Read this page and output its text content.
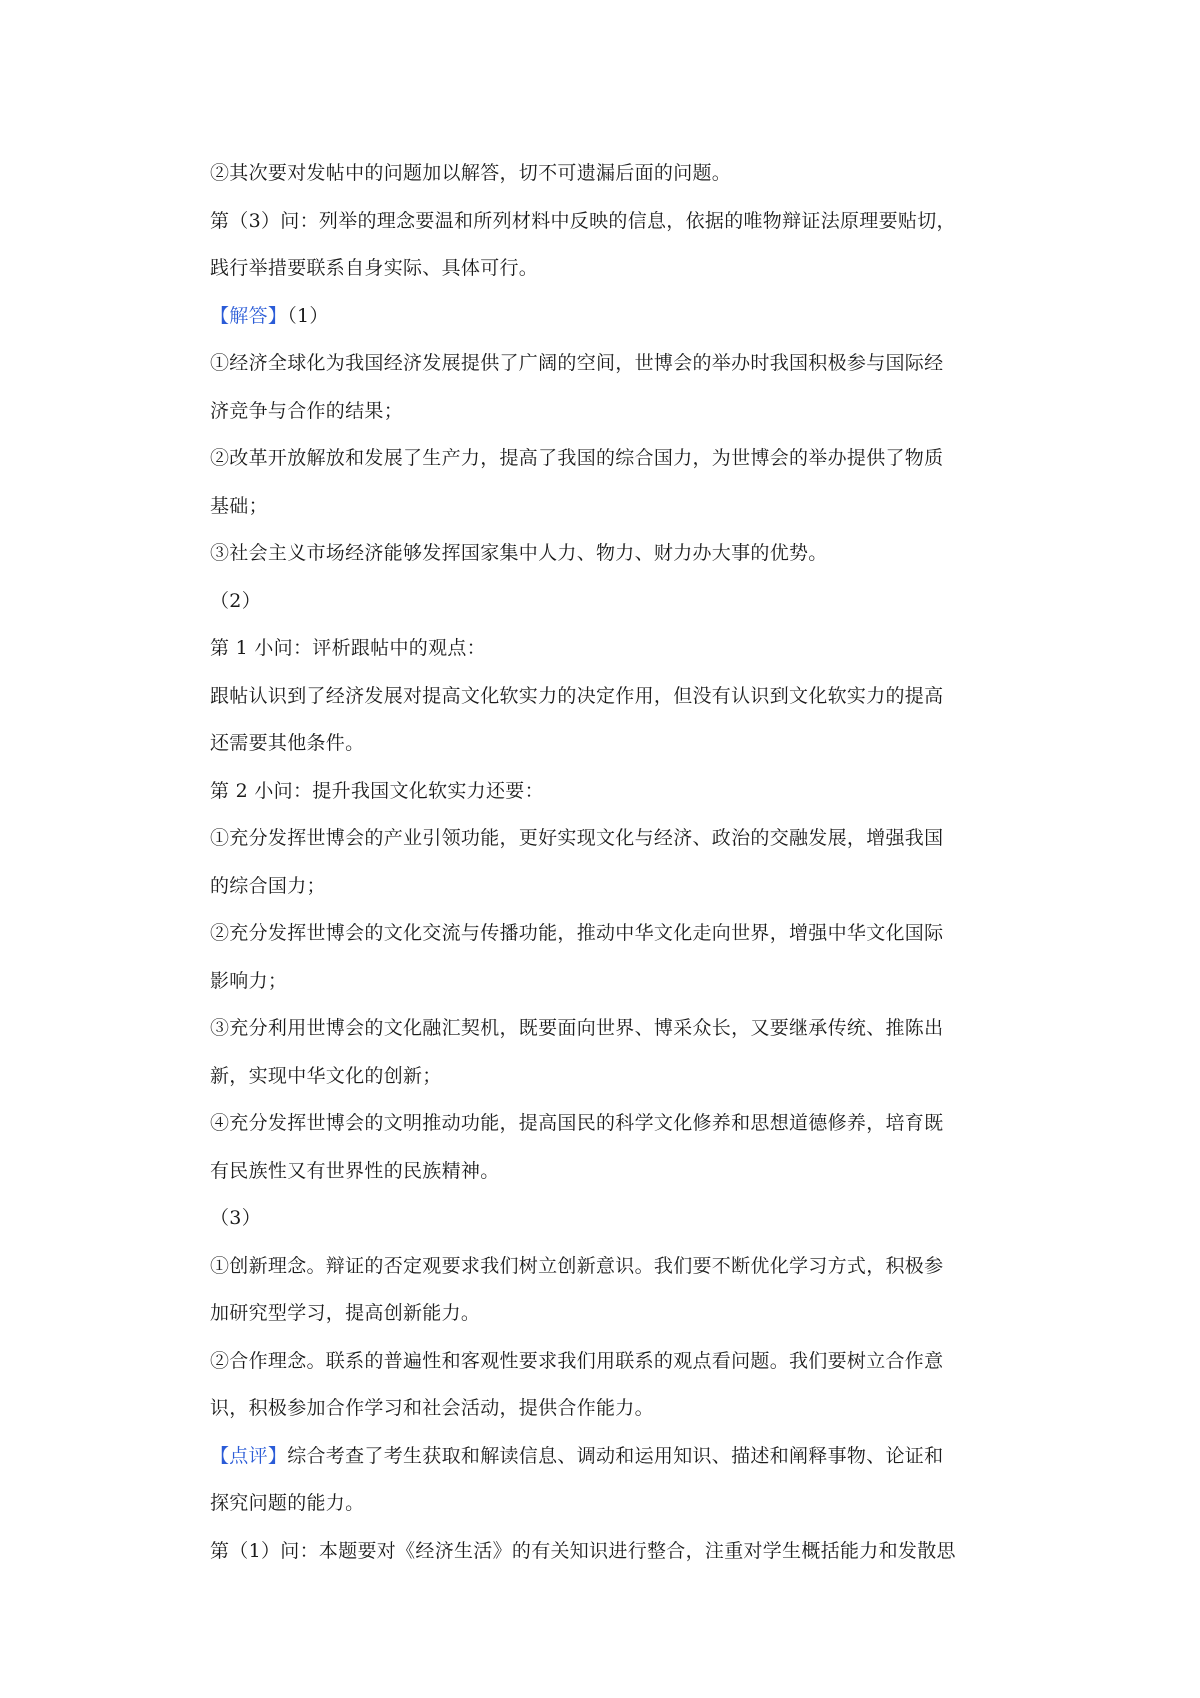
②其次要对发帖中的问题加以解答，切不可遗漏后面的问题。
第（3）问：列举的理念要温和所列材料中反映的信息，依据的唯物辩证法原理要贴切，
践行举措要联系自身实际、具体可行。
【解答】（1）
①经济全球化为我国经济发展提供了广阔的空间，世博会的举办时我国积极参与国际经
济竞争与合作的结果；
②改革开放解放和发展了生产力，提高了我国的综合国力，为世博会的举办提供了物质
基础；
③社会主义市场经济能够发挥国家集中人力、物力、财力办大事的优势。
（2）
第 1 小问：评析跟帖中的观点：
跟帖认识到了经济发展对提高文化软实力的决定作用，但没有认识到文化软实力的提高
还需要其他条件。
第 2 小问：提升我国文化软实力还要：
①充分发挥世博会的产业引领功能，更好实现文化与经济、政治的交融发展，增强我国
的综合国力；
②充分发挥世博会的文化交流与传播功能，推动中华文化走向世界，增强中华文化国际
影响力；
③充分利用世博会的文化融汇契机，既要面向世界、博采众长，又要继承传统、推陈出
新，实现中华文化的创新；
④充分发挥世博会的文明推动功能，提高国民的科学文化修养和思想道德修养，培育既
有民族性又有世界性的民族精神。
（3）
①创新理念。辩证的否定观要求我们树立创新意识。我们要不断优化学习方式，积极参
加研究型学习，提高创新能力。
②合作理念。联系的普遍性和客观性要求我们用联系的观点看问题。我们要树立合作意
识，积极参加合作学习和社会活动，提供合作能力。
【点评】综合考查了考生获取和解读信息、调动和运用知识、描述和阐释事物、论证和
探究问题的能力。
第（1）问：本题要对《经济生活》的有关知识进行整合，注重对学生概括能力和发散思
